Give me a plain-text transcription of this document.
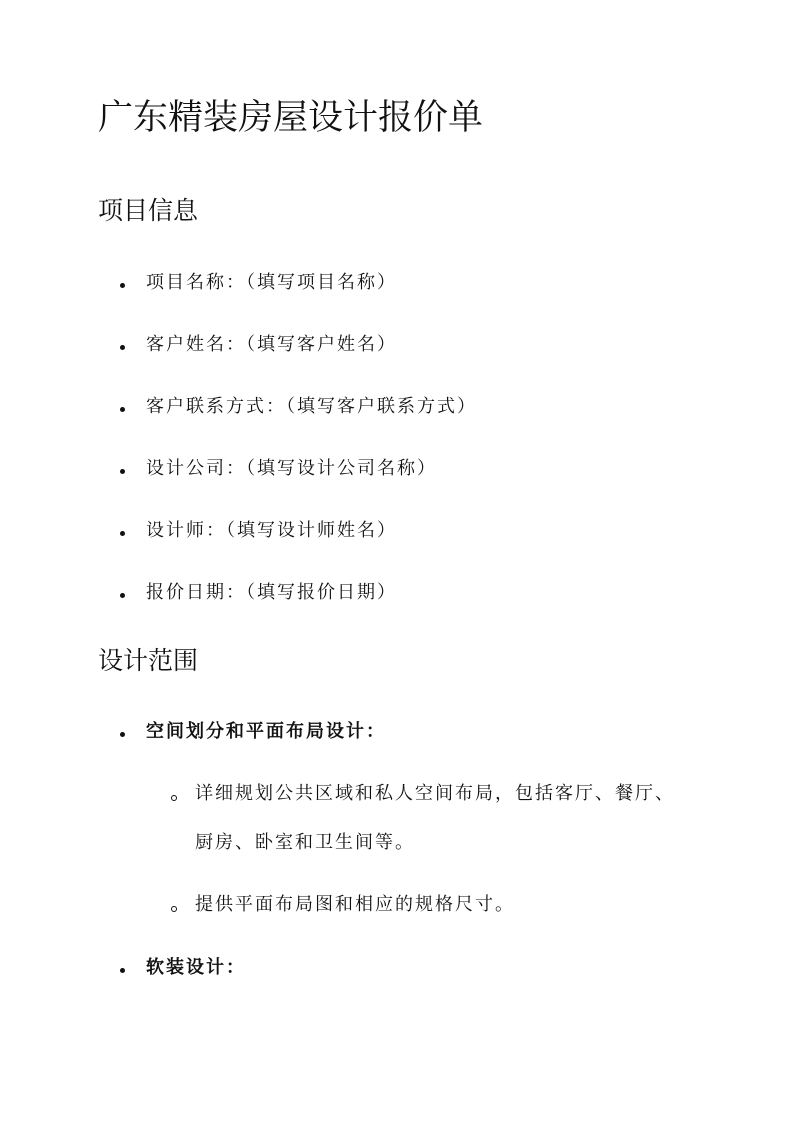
广东精装房屋设计报价单
项目信息
项目名称：（填写项目名称）
客户姓名：（填写客户姓名）
客户联系方式：（填写客户联系方式）
设计公司：（填写设计公司名称）
设计师：（填写设计师姓名）
报价日期：（填写报价日期）
设计范围
空间划分和平面布局设计：
详细规划公共区域和私人空间布局，包括客厅、餐厅、
厨房、卧室和卫生间等。
提供平面布局图和相应的规格尺寸。
软装设计：
